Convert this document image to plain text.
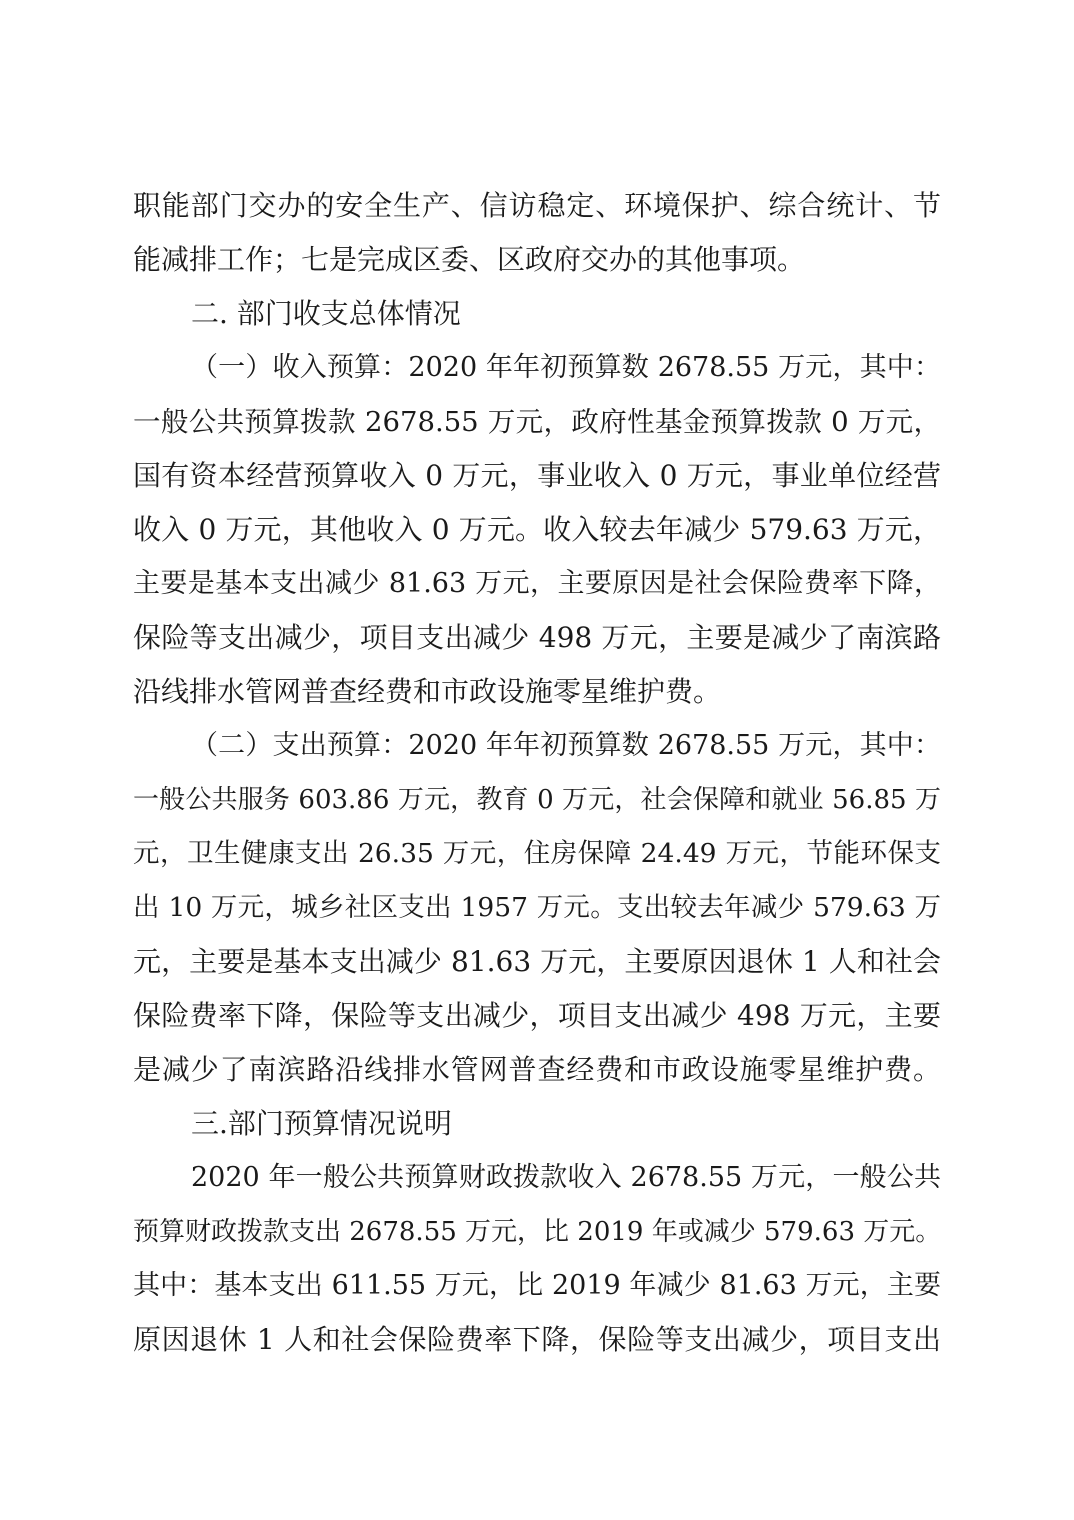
职能部门交办的安全生产、信访稳定、环境保护、综合统计、节
能减排工作；七是完成区委、区政府交办的其他事项。
二. 部门收支总体情况
（一）收入预算：2020 年年初预算数 2678.55 万元，其中：
一般公共预算拨款 2678.55 万元，政府性基金预算拨款 0 万元，
国有资本经营预算收入 0 万元，事业收入 0 万元，事业单位经营
收入 0 万元，其他收入 0 万元。收入较去年减少 579.63 万元，
主要是基本支出减少 81.63 万元，主要原因是社会保险费率下降，
保险等支出减少，项目支出减少 498 万元，主要是减少了南滨路
沿线排水管网普查经费和市政设施零星维护费。
（二）支出预算：2020 年年初预算数 2678.55 万元，其中：
一般公共服务 603.86 万元，教育 0 万元，社会保障和就业 56.85 万
元，卫生健康支出 26.35 万元，住房保障 24.49 万元，节能环保支
出 10 万元，城乡社区支出 1957 万元。支出较去年减少 579.63 万
元，主要是基本支出减少 81.63 万元，主要原因退休 1 人和社会
保险费率下降，保险等支出减少，项目支出减少 498 万元，主要
是减少了南滨路沿线排水管网普查经费和市政设施零星维护费。
三.部门预算情况说明
2020 年一般公共预算财政拨款收入 2678.55 万元，一般公共
预算财政拨款支出 2678.55 万元，比 2019 年或减少 579.63 万元。
其中：基本支出 611.55 万元，比 2019 年减少 81.63 万元，主要
原因退休 1 人和社会保险费率下降，保险等支出减少，项目支出
